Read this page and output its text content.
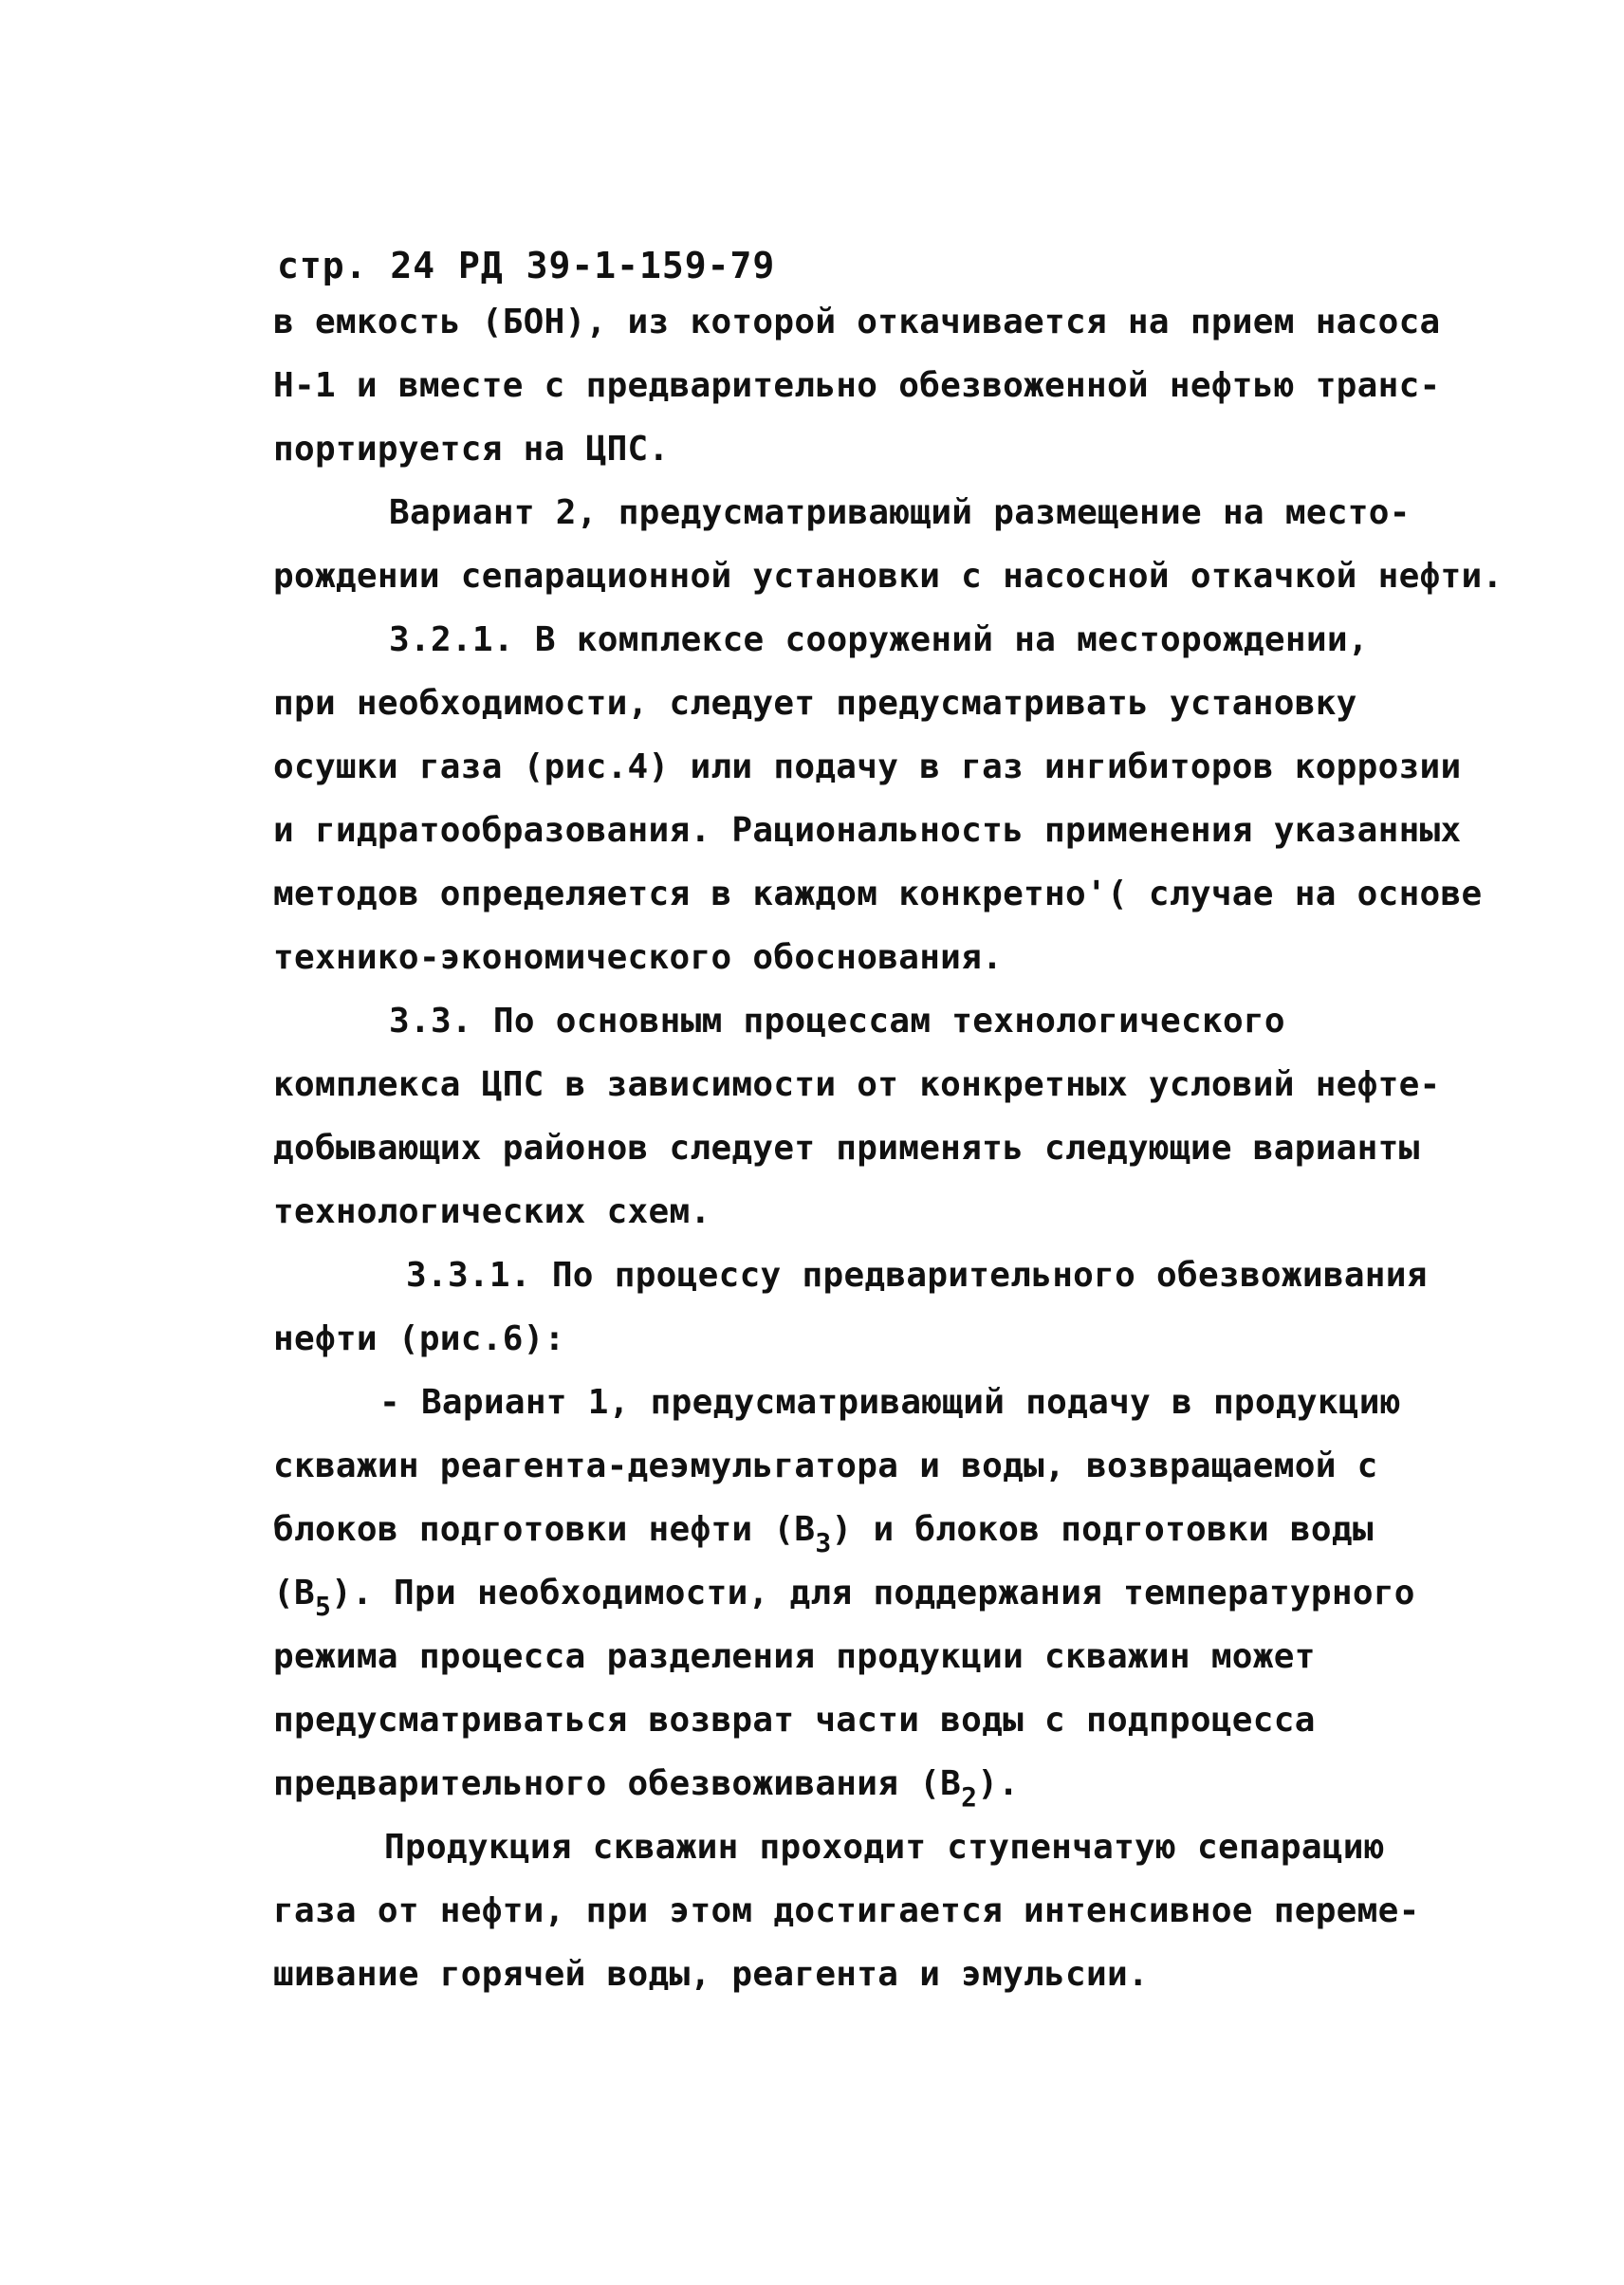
стр. 24 РД 39-1-159-79
в емкость (БОН), из которой откачивается на прием насоса
Н-1 и вместе с предварительно обезвоженной нефтью транс-
портируется на ЦПС.
Вариант 2, предусматривающий размещение на место-
рождении сепарационной установки с насосной откачкой нефти.
3.2.1. В комплексе сооружений на месторождении,
при необходимости, следует предусматривать установку
осушки газа (рис.4) или подачу в газ ингибиторов коррозии
и гидратообразования. Рациональность применения указанных
методов определяется в каждом конкретно'( случае на основе
технико-экономического обоснования.
3.3. По основным процессам технологического
комплекса ЦПС в зависимости от конкретных условий нефте-
добывающих районов следует применять следующие варианты
технологических схем.
3.3.1. По процессу предварительного обезвоживания
нефти (рис.6):
- Вариант 1, предусматривающий подачу в продукцию
скважин реагента-деэмульгатора и воды, возвращаемой с
блоков подготовки нефти $(В_3)$ и блоков подготовки воды
$(В_5)$. При необходимости, для поддержания температурного
режима процесса разделения продукции скважин может
предусматриваться возврат части воды с подпроцесса
предварительного обезвоживания $(В_2)$.
Продукция скважин проходит ступенчатую сепарацию
газа от нефти, при этом достигается интенсивное переме-
шивание горячей воды, реагента и эмульсии.
